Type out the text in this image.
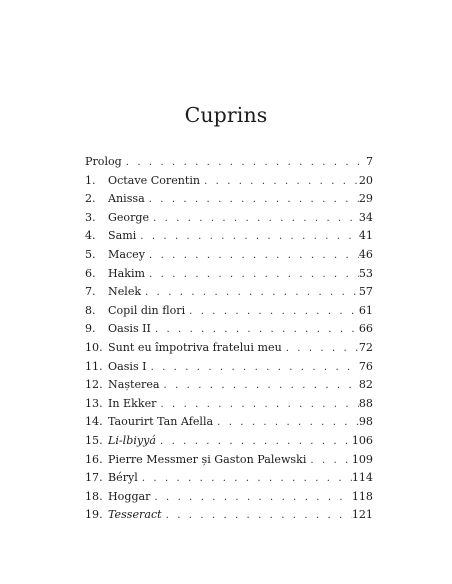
Cuprins
Prolog . . .	7
1.	Octave Corentin . . .	20
2.	Anissa . . .	29
3.	George . . .	34
4.	Sami . . .	41
5.	Macey . . .	46
6.	Hakim . . .	53
7.	Nelek . . .	57
8.	Copil din flori . . .	61
9.	Oasis II . . .	66
10. Sunt eu împotriva fratelui meu . . .	72
11. Oasis I . . .	76
12. Nașterea . . .	82
13. In Ekker . . .	88
14. Taourirt Tan Afella . . .	98
15. Li-lbiyyá . . .	106
16. Pierre Messmer și Gaston Palewski . . .	109
17. Béryl . . .	114
18. Hoggar . . .	118
19. Tesseract . . .	121
